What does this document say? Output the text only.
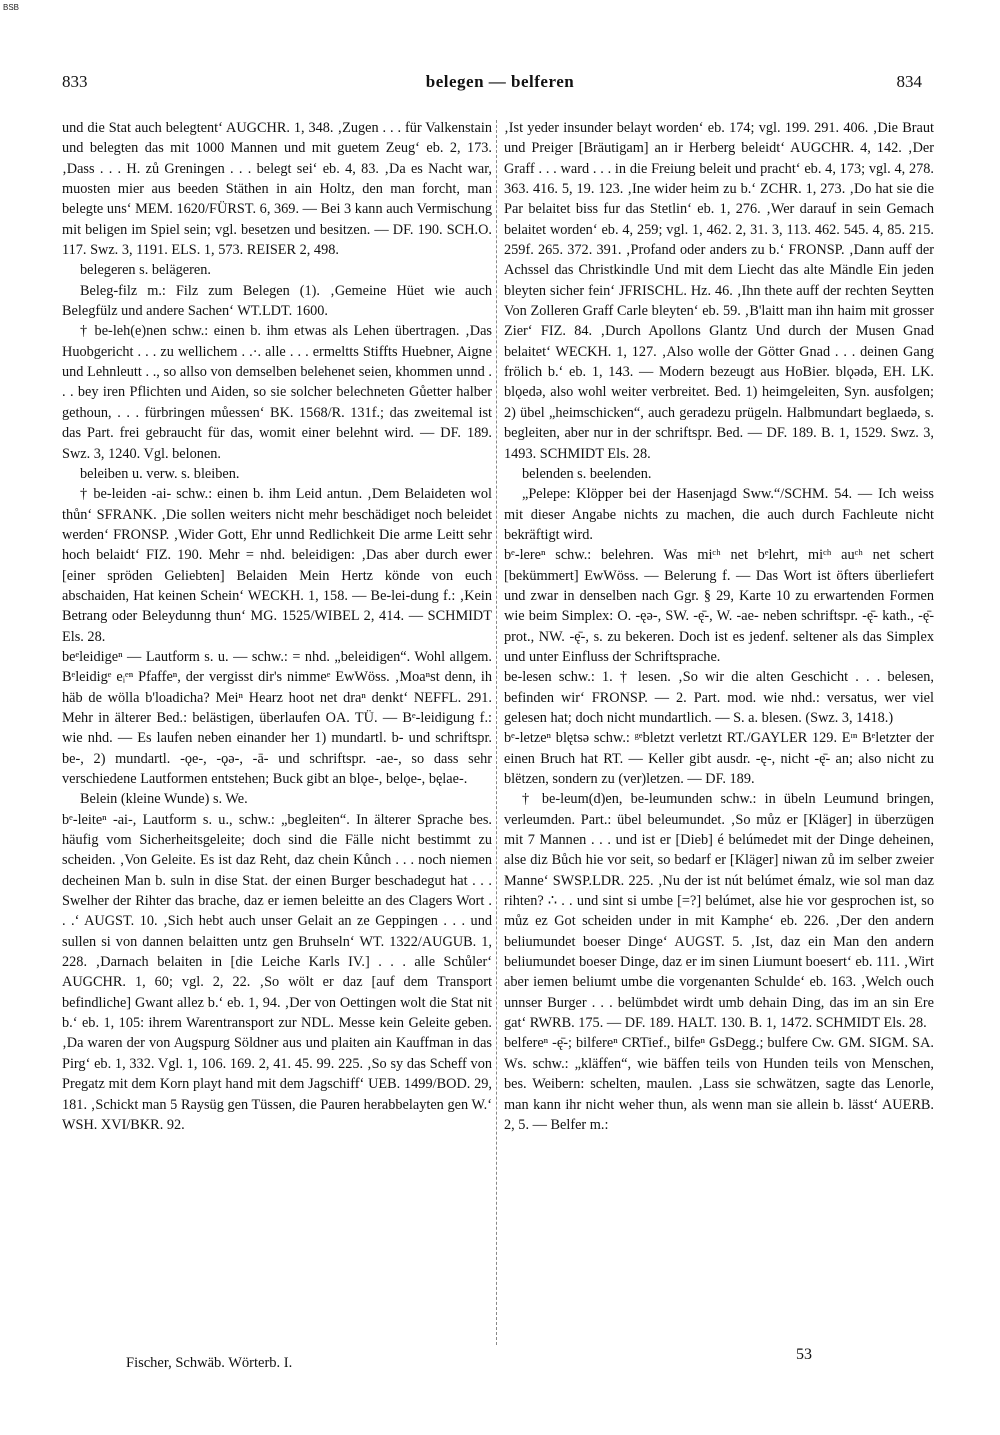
BSB
833	belegen — belferen	834

und die Stat auch belegtent‘ AUGCHR. 1, 348. ‚Zugen . . . für Valkenstain und belegten das mit 1000 Mannen und mit guetem Zeug‘ eb. 2, 173. ‚Dass . . . H. zů Greningen . . . belegt sei‘ eb. 4, 83. ‚Da es Nacht war, muosten mier aus beeden Stäthen in ain Holtz, den man forcht, man belegte uns‘ MEM. 1620/FÜRST. 6, 369. — Bei 3 kann auch Vermischung mit beligen im Spiel sein; vgl. besetzen und besitzen. — DF. 190. SCH.O. 117. Swz. 3, 1191. ELS. 1, 573. REISER 2, 498.

belegeren s. belägeren.

Beleg-filz m.: Filz zum Belegen (1). ‚Gemeine Hüet wie auch Belegfülz und andere Sachen‘ WT.LDT. 1600.

† be-leh(e)nen schw.: einen b. ihm etwas als Lehen übertragen. ‚Das Huobgericht . . . zu wellichem . .·. alle . . . ermeltts Stiffts Huebner, Aigne und Lehnleutt . ., so allso von demselben belehenet seien, khommen unnd . . . bey iren Pflichten und Aiden, so sie solcher belechneten Gůetter halber gethoun, . . . fürbringen můessen‘ BK. 1568/R. 131f.; das zweitemal ist das Part. frei gebraucht für das, womit einer belehnt wird. — DF. 189. Swz. 3, 1240. Vgl. belonen.

beleiben u. verw. s. bleiben.

† be-leiden -ai- schw.: einen b. ihm Leid antun. ‚Dem Belaideten wol thůn‘ SFRANK. ‚Die sollen weiters nicht mehr beschädiget noch beleidet werden‘ FRONSP. ‚Wider Gott, Ehr unnd Redlichkeit Die arme Leitt sehr hoch belaidt‘ FIZ. 190. Mehr = nhd. beleidigen: ‚Das aber durch ewer [einer spröden Geliebten] Belaiden Mein Hertz könde von euch abschaiden, Hat keinen Schein‘ WECKH. 1, 158. — Be-lei-dung f.: ‚Kein Betrang oder Beleydunng thun‘ MG. 1525/WIBEL 2, 414. — SCHMIDT Els. 28.

beᵉleidigeⁿ — Lautform s. u. — schw.: = nhd. „beleidigen“. Wohl allgem. Bᵉleidigᵉ eᵢᵉⁿ Pfaffeⁿ, der vergisst dir's nimmeᵉ EwWöss. ‚Moaⁿst denn, ih häb de wölla b'loadicha? Meiⁿ Hearz hoot net draⁿ denkt‘ NEFFL. 291. Mehr in älterer Bed.: belästigen, überlaufen OA. TÜ. — Bᵉ-leidigung f.: wie nhd. — Es laufen neben einander her 1) mundartl. b- und schriftspr. be-, 2) mundartl. -ǫe-, -ǫə-, -ā- und schriftspr. -ae-, so dass sehr verschiedene Lautformen entstehen; Buck gibt an blǫe-, belǫe-, bęlae-.

Belein (kleine Wunde) s. We.

bᵉ-leiteⁿ -ai-, Lautform s. u., schw.: „begleiten“. In älterer Sprache bes. häufig vom Sicherheitsgeleite; doch sind die Fälle nicht bestimmt zu scheiden. ‚Von Geleite. Es ist daz Reht, daz chein Kůnch . . . noch niemen decheinen Man b. suln in dise Stat. der einen Burger beschadegut hat . . . Swelher der Rihter das brache, daz er iemen beleitte an des Clagers Wort . . .‘ AUGST. 10. ‚Sich hebt auch unser Gelait an ze Geppingen . . . und sullen si von dannen belaitten untz gen Bruhseln‘ WT. 1322/AUGUB. 1, 228. ‚Darnach belaiten in [die Leiche Karls IV.] . . . alle Schůler‘ AUGCHR. 1, 60; vgl. 2, 22. ‚So wölt er daz [auf dem Transport befindliche] Gwant allez b.‘ eb. 1, 94. ‚Der von Oettingen wolt die Stat nit b.‘ eb. 1, 105: ihrem Warentransport zur NDL. Messe kein Geleite geben. ‚Da waren der von Augspurg Söldner aus und plaiten ain Kauffman in das Pirg‘ eb. 1, 332. Vgl. 1, 106. 169. 2, 41. 45. 99. 225. ‚So sy das Scheff von Pregatz mit dem Korn playt hand mit dem Jagschiff‘ UEB. 1499/BOD. 29, 181. ‚Schickt man 5 Raysüg gen Tüssen, die Pauren herabbelayten gen W.‘ WSH. XVI/BKR. 92.

‚Ist yeder insunder belayt worden‘ eb. 174; vgl. 199. 291. 406. ‚Die Braut und Preiger [Bräutigam] an ir Herberg beleidt‘ AUGCHR. 4, 142. ‚Der Graff . . . ward . . . in die Freiung beleit und pracht‘ eb. 4, 173; vgl. 4, 278. 363. 416. 5, 19. 123. ‚Ine wider heim zu b.‘ ZCHR. 1, 273. ‚Do hat sie die Par belaitet biss fur das Stetlin‘ eb. 1, 276. ‚Wer darauf in sein Gemach belaitet worden‘ eb. 4, 259; vgl. 1, 462. 2, 31. 3, 113. 462. 545. 4, 85. 215. 259f. 265. 372. 391. ‚Profand oder anders zu b.‘ FRONSP. ‚Dann auff der Achssel das Christkindle Und mit dem Liecht das alte Mändle Ein jeden bleyten sicher fein‘ JFRISCHL. Hz. 46. ‚Ihn thete auff der rechten Seytten Von Zolleren Graff Carle bleyten‘ eb. 59. ‚B'laitt man ihn haim mit grosser Zier‘ FIZ. 84. ‚Durch Apollons Glantz Und durch der Musen Gnad belaitet‘ WECKH. 1, 127. ‚Also wolle der Götter Gnad . . . deinen Gang frölich b.‘ eb. 1, 143. — Modern bezeugt aus HoBier. blǫədə, EH. LK. blǫedə, also wohl weiter verbreitet. Bed. 1) heimgeleiten, Syn. ausfolgen; 2) übel „heimschicken“, auch geradezu prügeln. Halbmundart beglaedə, s. begleiten, aber nur in der schriftspr. Bed. — DF. 189. B. 1, 1529. Swz. 3, 1493. SCHMIDT Els. 28.

belenden s. beelenden.

„Pelepe: Klöpper bei der Hasenjagd Sww.“/SCHM. 54. — Ich weiss mit dieser Angabe nichts zu machen, die auch durch Fachleute nicht bekräftigt wird.

bᵉ-lereⁿ schw.: belehren. Was miᶜʰ net bᵉlehrt, miᶜʰ auᶜʰ net schert [bekümmert] EwWöss. — Belerung f. — Das Wort ist öfters überliefert und zwar in denselben nach Ggr. § 29, Karte 10 zu erwartenden Formen wie beim Simplex: O. -ęə-, SW. -ę̄-, W. -ae- neben schriftspr. -ę̄- kath., -ę̄- prot., NW. -ę̄-, s. zu bekeren. Doch ist es jedenf. seltener als das Simplex und unter Einfluss der Schriftsprache.

be-lesen schw.: 1. † lesen. ‚So wir die alten Geschicht . . . belesen, befinden wir‘ FRONSP. — 2. Part. mod. wie nhd.: versatus, wer viel gelesen hat; doch nicht mundartlich. — S. a. blesen. (Swz. 3, 1418.)

bᵉ-letzeⁿ blętsə schw.: ᵍᵉbletzt verletzt RT./GAYLER 129. Eᶦⁿ Bᵉletzter der einen Bruch hat RT. — Keller gibt ausdr. -ę-, nicht -ę̄- an; also nicht zu blëtzen, sondern zu (ver)letzen. — DF. 189.

† be-leum(d)en, be-leumunden schw.: in übeln Leumund bringen, verleumden. Part.: übel beleumundet. ‚So můz er [Kläger] in überzügen mit 7 Mannen . . . und ist er [Dieb] é belúmedet mit der Dinge deheinen, alse diz Bůch hie vor seit, so bedarf er [Kläger] niwan zů im selber zweier Manne‘ SWSP.LDR. 225. ‚Nu der ist nút belúmet émalz, wie sol man daz rihten? ∴ . . und sint si umbe [=?] belúmet, alse hie vor gesprochen ist, so můz ez Got scheiden under in mit Kamphe‘ eb. 226. ‚Der den andern beliumundet boeser Dinge‘ AUGST. 5. ‚Ist, daz ein Man den andern beliumundet boeser Dinge, daz er im sinen Liumunt boesert‘ eb. 111. ‚Wirt aber iemen beliumt umbe die vorgenanten Schulde‘ eb. 163. ‚Welch ouch unnser Burger . . . belümbdet wirdt umb dehain Ding, das im an sin Ere gat‘ RWRB. 175. — DF. 189. HALT. 130. B. 1, 1472. SCHMIDT Els. 28.

belfereⁿ -ę̄-; bilfereⁿ CRTief., bilfeⁿ GsDegg.; bulfere Cw. GM. SIGM. SA. Ws. schw.: „kläffen“, wie bäffen teils von Hunden teils von Menschen, bes. Weibern: schelten, maulen. ‚Lass sie schwätzen, sagte das Lenorle, man kann ihr nicht weher thun, als wenn man sie allein b. lässt‘ AUERB. 2, 5. — Belfer m.:

Fischer, Schwäb. Wörterb. I.	53
